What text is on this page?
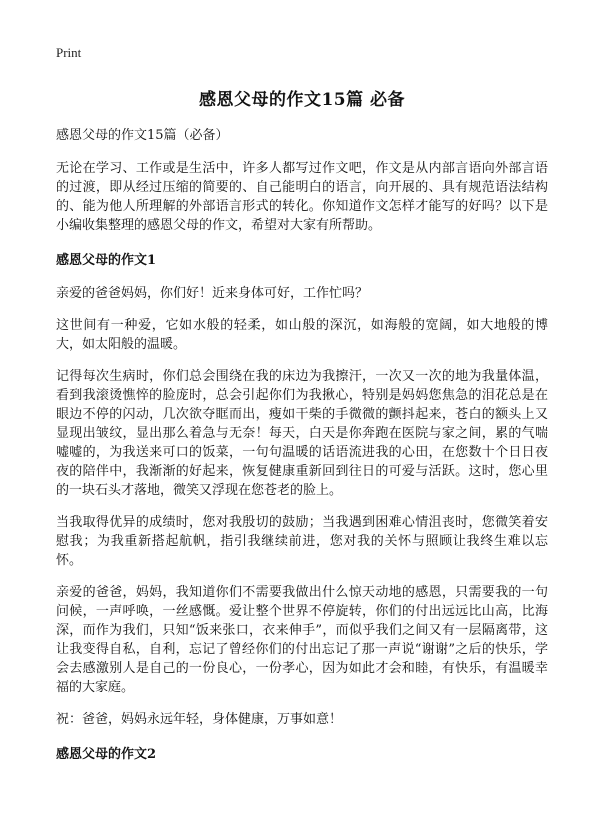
Print
感恩父母的作文15篇 必备
感恩父母的作文15篇（必备）

无论在学习、工作或是生活中，许多人都写过作文吧，作文是从内部言语向外部言语的过渡，即从经过压缩的简要的、自己能明白的语言，向开展的、具有规范语法结构的、能为他人所理解的外部语言形式的转化。你知道作文怎样才能写的好吗？以下是小编收集整理的感恩父母的作文，希望对大家有所帮助。

感恩父母的作文1

亲爱的爸爸妈妈，你们好！近来身体可好，工作忙吗？

这世间有一种爱，它如水般的轻柔，如山般的深沉，如海般的宽阔，如大地般的博大，如太阳般的温暖。

记得每次生病时，你们总会围绕在我的床边为我擦汗，一次又一次的地为我量体温，看到我滚烫憔悴的脸庞时，总会引起你们为我揪心，特别是妈妈您焦急的泪花总是在眼边不停的闪动，几次欲夺眶而出，瘦如干柴的手微微的颤抖起来，苍白的额头上又显现出皱纹，显出那么着急与无奈！每天，白天是你奔跑在医院与家之间，累的气喘嘘嘘的，为我送来可口的饭菜，一句句温暖的话语流进我的心田，在您数十个日日夜夜的陪伴中，我渐渐的好起来，恢复健康重新回到往日的可爱与活跃。这时，您心里的一块石头才落地，微笑又浮现在您苍老的脸上。

当我取得优异的成绩时，您对我殷切的鼓励；当我遇到困难心情沮丧时，您微笑着安慰我；为我重新搭起航帆，指引我继续前进，您对我的关怀与照顾让我终生难以忘怀。

亲爱的爸爸，妈妈，我知道你们不需要我做出什么惊天动地的感恩，只需要我的一句问候，一声呼唤，一丝感慨。爱让整个世界不停旋转，你们的付出远远比山高，比海深，而作为我们，只知“饭来张口，衣来伸手”，而似乎我们之间又有一层隔离带，这让我变得自私，自利，忘记了曾经你们的付出忘记了那一声说“谢谢”之后的快乐，学会去感激别人是自己的一份良心，一份孝心，因为如此才会和睦，有快乐，有温暖幸福的大家庭。

祝：爸爸，妈妈永远年轻，身体健康，万事如意！

感恩父母的作文2
